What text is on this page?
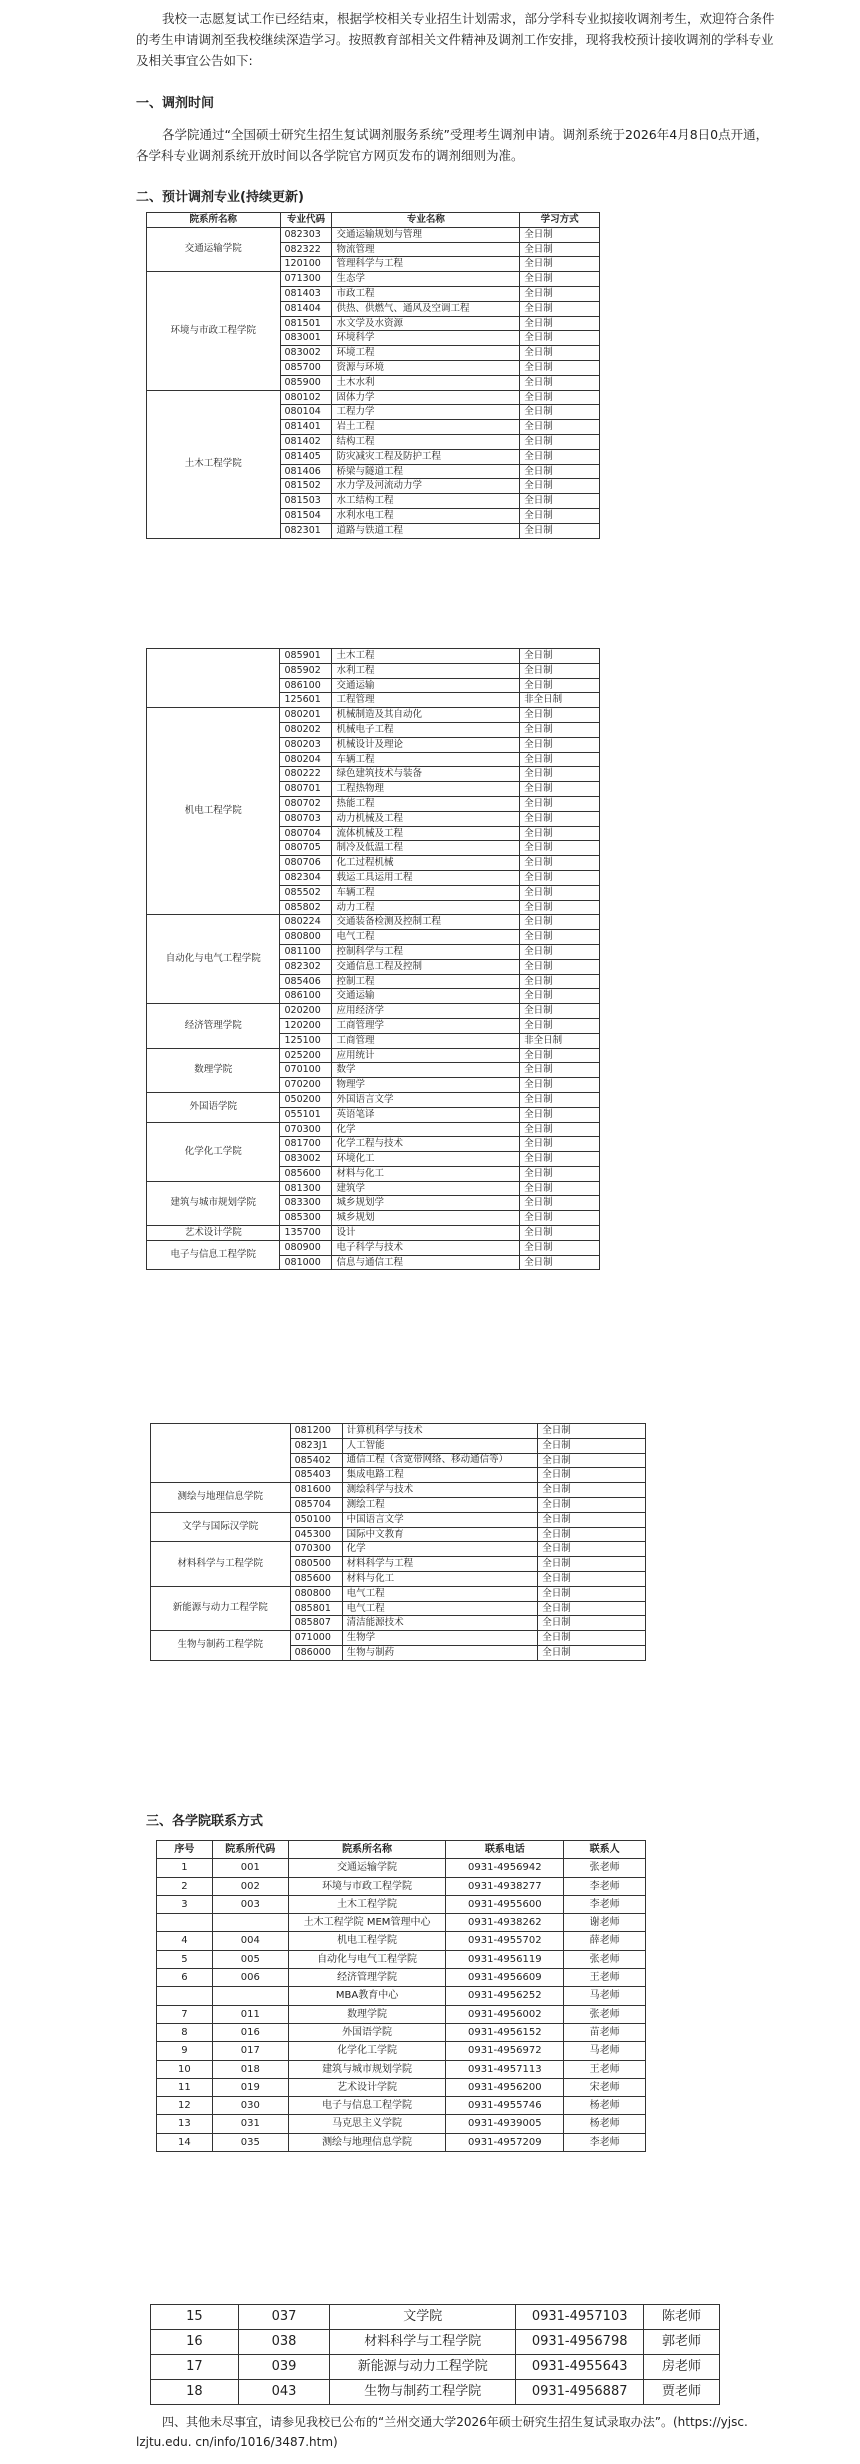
我校一志愿复试工作已经结束，根据学校相关专业招生计划需求，部分学科专业拟接收调剂考生，欢迎符合条件的考生申请调剂至我校继续深造学习。按照教育部相关文件精神及调剂工作安排，现将我校预计接收调剂的学科专业及相关事宜公告如下:

一、调剂时间

各学院通过“全国硕士研究生招生复试调剂服务系统”受理考生调剂申请。调剂系统于2026年4月8日0点开通，各学科专业调剂系统开放时间以各学院官方网页发布的调剂细则为准。

二、预计调剂专业(持续更新)
院系所名称	专业代码	专业名称	学习方式
交通运输学院	082303	交通运输规划与管理	全日制
	082322	物流管理	全日制
	120100	管理科学与工程	全日制
环境与市政工程学院	071300	生态学	全日制
	081403	市政工程	全日制
	081404	供热、供燃气、通风及空调工程	全日制
	081501	水文学及水资源	全日制
	083001	环境科学	全日制
	083002	环境工程	全日制
	085700	资源与环境	全日制
	085900	土木水利	全日制
土木工程学院	080102	固体力学	全日制
	080104	工程力学	全日制
	081401	岩土工程	全日制
	081402	结构工程	全日制
	081405	防灾减灾工程及防护工程	全日制
	081406	桥梁与隧道工程	全日制
	081502	水力学及河流动力学	全日制
	081503	水工结构工程	全日制
	081504	水利水电工程	全日制
	082301	道路与铁道工程	全日制
	085901	土木工程	全日制
	085902	水利工程	全日制
	086100	交通运输	全日制
	125601	工程管理	非全日制
机电工程学院	080201	机械制造及其自动化	全日制
	080202	机械电子工程	全日制
	080203	机械设计及理论	全日制
	080204	车辆工程	全日制
	080222	绿色建筑技术与装备	全日制
	080701	工程热物理	全日制
	080702	热能工程	全日制
	080703	动力机械及工程	全日制
	080704	流体机械及工程	全日制
	080705	制冷及低温工程	全日制
	080706	化工过程机械	全日制
	082304	载运工具运用工程	全日制
	085502	车辆工程	全日制
	085802	动力工程	全日制
自动化与电气工程学院	080224	交通装备检测及控制工程	全日制
	080800	电气工程	全日制
	081100	控制科学与工程	全日制
	082302	交通信息工程及控制	全日制
	085406	控制工程	全日制
	086100	交通运输	全日制
经济管理学院	020200	应用经济学	全日制
	120200	工商管理学	全日制
	125100	工商管理	非全日制
数理学院	025200	应用统计	全日制
	070100	数学	全日制
	070200	物理学	全日制
外国语学院	050200	外国语言文学	全日制
	055101	英语笔译	全日制
化学化工学院	070300	化学	全日制
	081700	化学工程与技术	全日制
	083002	环境化工	全日制
	085600	材料与化工	全日制
建筑与城市规划学院	081300	建筑学	全日制
	083300	城乡规划学	全日制
	085300	城乡规划	全日制
艺术设计学院	135700	设计	全日制
电子与信息工程学院	080900	电子科学与技术	全日制
	081000	信息与通信工程	全日制
	081200	计算机科学与技术	全日制
	0823J1	人工智能	全日制
	085402	通信工程（含宽带网络、移动通信等）	全日制
	085403	集成电路工程	全日制
测绘与地理信息学院	081600	测绘科学与技术	全日制
	085704	测绘工程	全日制
文学与国际汉学院	050100	中国语言文学	全日制
	045300	国际中文教育	全日制
材料科学与工程学院	070300	化学	全日制
	080500	材料科学与工程	全日制
	085600	材料与化工	全日制
新能源与动力工程学院	080800	电气工程	全日制
	085801	电气工程	全日制
	085807	清洁能源技术	全日制
生物与制药工程学院	071000	生物学	全日制
	086000	生物与制药	全日制
三、各学院联系方式
序号	院系所代码	院系所名称	联系电话	联系人
1	001	交通运输学院	0931-4956942	张老师
2	002	环境与市政工程学院	0931-4938277	李老师
3	003	土木工程学院	0931-4955600	李老师
		土木工程学院 MEM管理中心	0931-4938262	谢老师
4	004	机电工程学院	0931-4955702	薛老师
5	005	自动化与电气工程学院	0931-4956119	张老师
6	006	经济管理学院	0931-4956609	王老师
		MBA教育中心	0931-4956252	马老师
7	011	数理学院	0931-4956002	张老师
8	016	外国语学院	0931-4956152	苗老师
9	017	化学化工学院	0931-4956972	马老师
10	018	建筑与城市规划学院	0931-4957113	王老师
11	019	艺术设计学院	0931-4956200	宋老师
12	030	电子与信息工程学院	0931-4955746	杨老师
13	031	马克思主义学院	0931-4939005	杨老师
14	035	测绘与地理信息学院	0931-4957209	李老师
15	037	文学院	0931-4957103	陈老师
16	038	材料科学与工程学院	0931-4956798	郭老师
17	039	新能源与动力工程学院	0931-4955643	房老师
18	043	生物与制药工程学院	0931-4956887	贾老师

四、其他未尽事宜，请参见我校已公布的“兰州交通大学2026年硕士研究生招生复试录取办法”。(https://yjsc. lzjtu.edu. cn/info/1016/3487.htm)
